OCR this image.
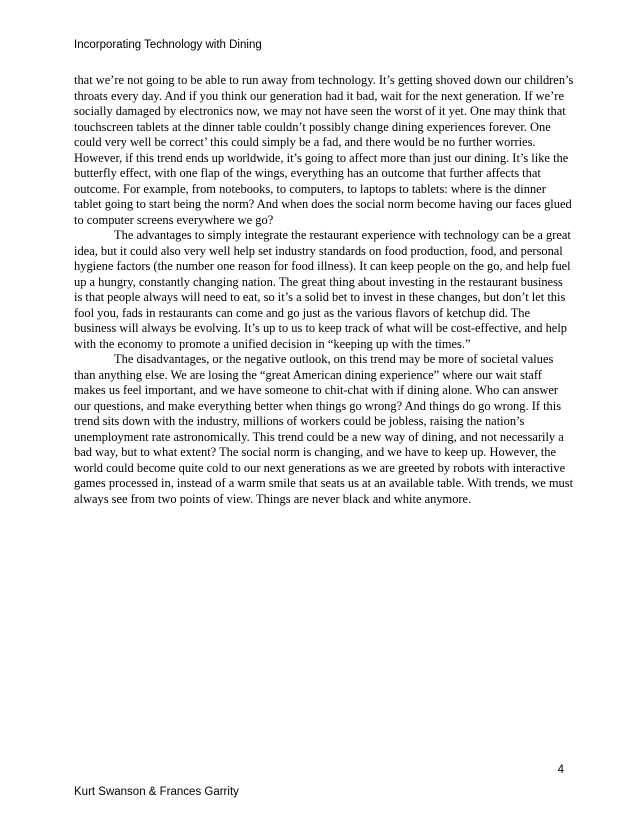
Incorporating Technology with Dining

that we’re not going to be able to run away from technology. It’s getting shoved down our children’s throats every day. And if you think our generation had it bad, wait for the next generation. If we’re socially damaged by electronics now, we may not have seen the worst of it yet. One may think that touchscreen tablets at the dinner table couldn’t possibly change dining experiences forever. One could very well be correct’ this could simply be a fad, and there would be no further worries. However, if this trend ends up worldwide, it’s going to affect more than just our dining. It’s like the butterfly effect, with one flap of the wings, everything has an outcome that further affects that outcome. For example, from notebooks, to computers, to laptops to tablets: where is the dinner tablet going to start being the norm? And when does the social norm become having our faces glued to computer screens everywhere we go?

The advantages to simply integrate the restaurant experience with technology can be a great idea, but it could also very well help set industry standards on food production, food, and personal hygiene factors (the number one reason for food illness). It can keep people on the go, and help fuel up a hungry, constantly changing nation. The great thing about investing in the restaurant business is that people always will need to eat, so it’s a solid bet to invest in these changes, but don’t let this fool you, fads in restaurants can come and go just as the various flavors of ketchup did. The business will always be evolving. It’s up to us to keep track of what will be cost-effective, and help with the economy to promote a unified decision in “keeping up with the times.”

The disadvantages, or the negative outlook, on this trend may be more of societal values than anything else. We are losing the “great American dining experience” where our wait staff makes us feel important, and we have someone to chit-chat with if dining alone. Who can answer our questions, and make everything better when things go wrong? And things do go wrong. If this trend sits down with the industry, millions of workers could be jobless, raising the nation’s unemployment rate astronomically. This trend could be a new way of dining, and not necessarily a bad way, but to what extent? The social norm is changing, and we have to keep up. However, the world could become quite cold to our next generations as we are greeted by robots with interactive games processed in, instead of a warm smile that seats us at an available table. With trends, we must always see from two points of view. Things are never black and white anymore.

4
Kurt Swanson & Frances Garrity
